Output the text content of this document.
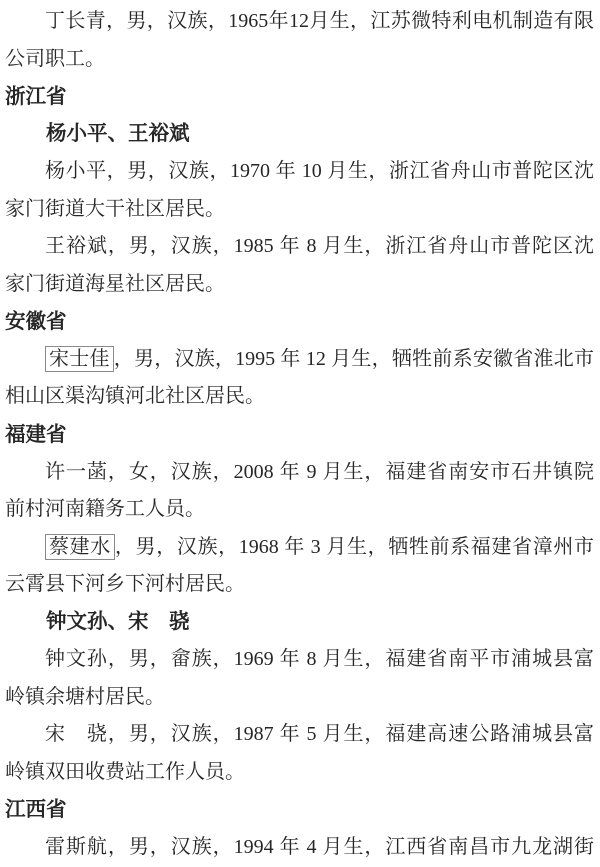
丁长青，男，汉族，1965年12月生，江苏微特利电机制造有限
公司职工。
浙江省
杨小平、王裕斌
杨小平，男，汉族，1970 年 10 月生，浙江省舟山市普陀区沈
家门街道大干社区居民。
王裕斌，男，汉族，1985 年 8 月生，浙江省舟山市普陀区沈
家门街道海星社区居民。
安徽省
宋士佳 ，男，汉族，1995 年 12 月生，牺牲前系安徽省淮北市
相山区渠沟镇河北社区居民。
福建省
许一菡，女，汉族，2008 年 9 月生，福建省南安市石井镇院
前村河南籍务工人员。
蔡建水 ，男，汉族，1968 年 3 月生，牺牲前系福建省漳州市
云霄县下河乡下河村居民。
钟文孙、宋　骁
钟文孙，男，畲族，1969 年 8 月生，福建省南平市浦城县富
岭镇余塘村居民。
宋　骁，男，汉族，1987 年 5 月生，福建高速公路浦城县富
岭镇双田收费站工作人员。
江西省
雷斯航，男，汉族，1994 年 4 月生，江西省南昌市九龙湖街
